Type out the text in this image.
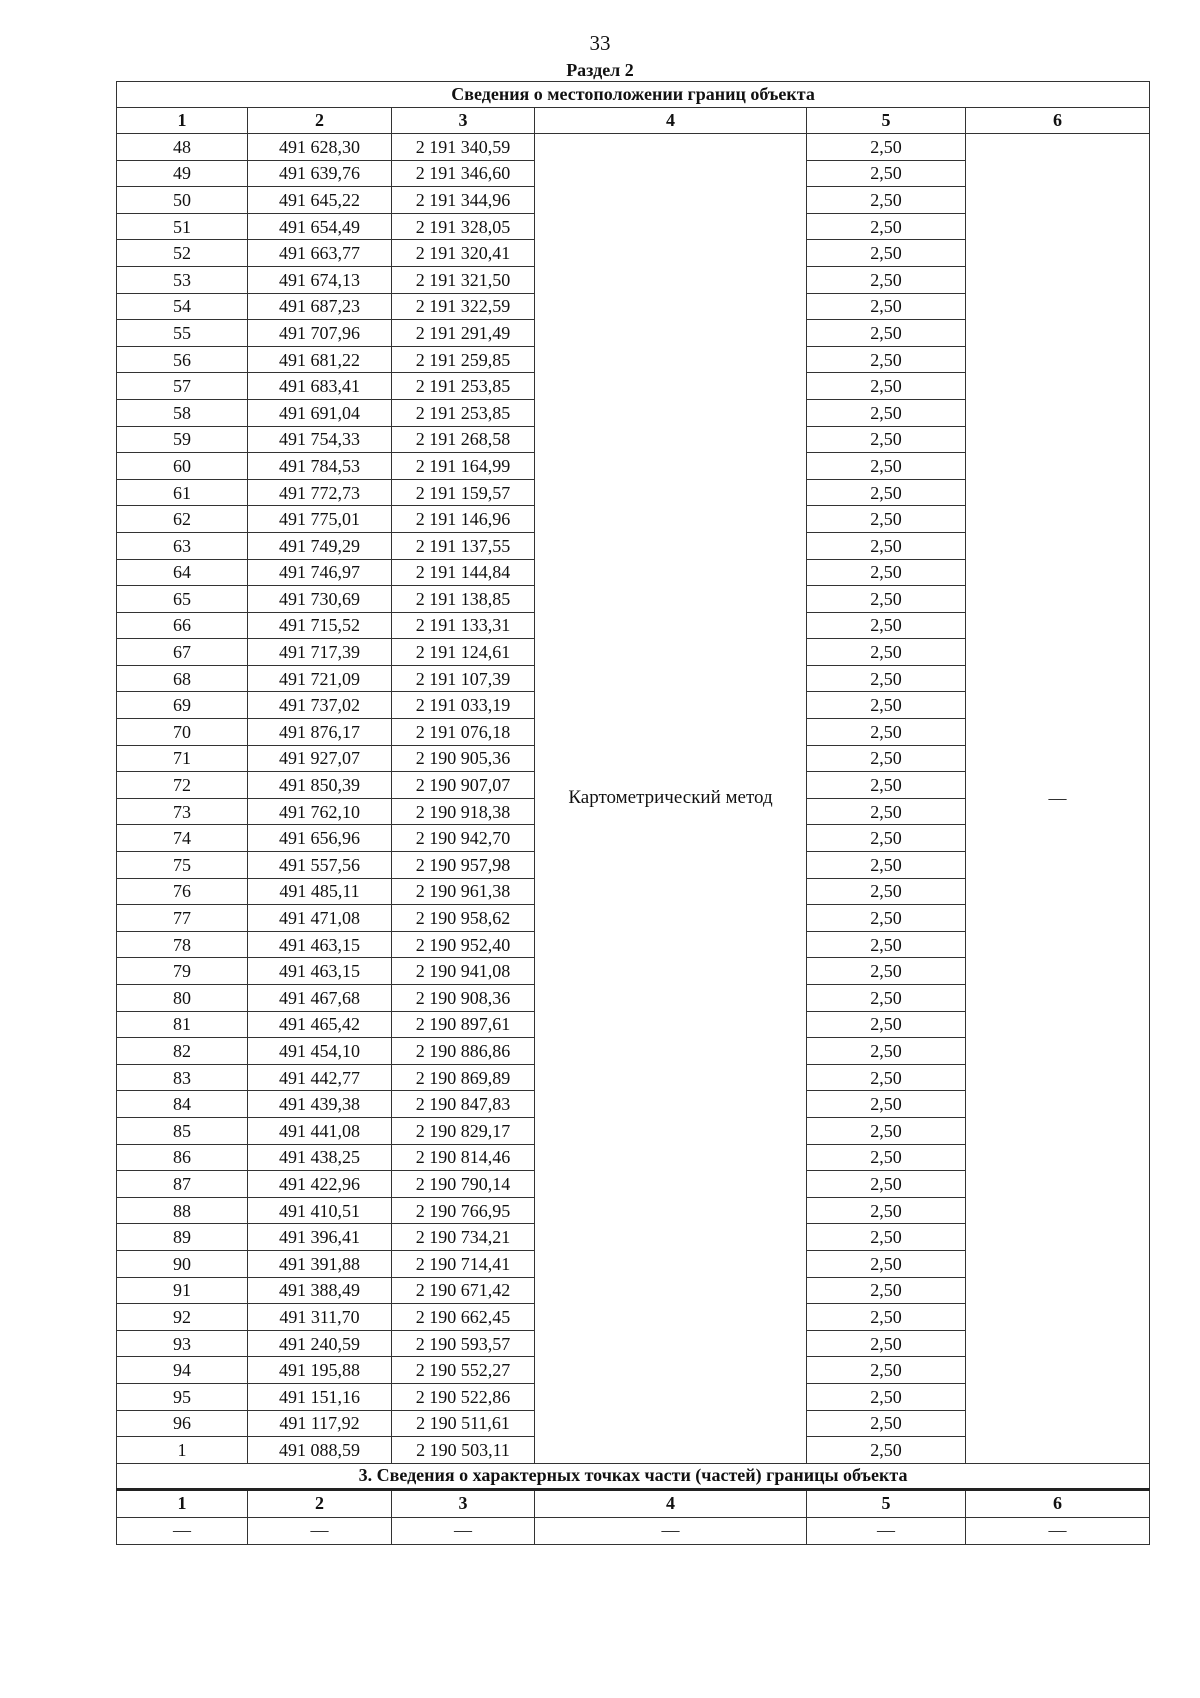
33
Раздел 2
Сведения о местоположении границ объекта					
1	2	3	4	5	6
48	491 628,30	2 191 340,59	Картометрический метод	2,50	—
49	491 639,76	2 191 346,60		2,50	
50	491 645,22	2 191 344,96		2,50	
51	491 654,49	2 191 328,05		2,50	
52	491 663,77	2 191 320,41		2,50	
53	491 674,13	2 191 321,50		2,50	
54	491 687,23	2 191 322,59		2,50	
55	491 707,96	2 191 291,49		2,50	
56	491 681,22	2 191 259,85		2,50	
57	491 683,41	2 191 253,85		2,50	
58	491 691,04	2 191 253,85		2,50	
59	491 754,33	2 191 268,58		2,50	
60	491 784,53	2 191 164,99		2,50	
61	491 772,73	2 191 159,57		2,50	
62	491 775,01	2 191 146,96		2,50	
63	491 749,29	2 191 137,55		2,50	
64	491 746,97	2 191 144,84		2,50	
65	491 730,69	2 191 138,85		2,50	
66	491 715,52	2 191 133,31		2,50	
67	491 717,39	2 191 124,61		2,50	
68	491 721,09	2 191 107,39		2,50	
69	491 737,02	2 191 033,19		2,50	
70	491 876,17	2 191 076,18		2,50	
71	491 927,07	2 190 905,36		2,50	
72	491 850,39	2 190 907,07		2,50	
73	491 762,10	2 190 918,38		2,50	
74	491 656,96	2 190 942,70		2,50	
75	491 557,56	2 190 957,98		2,50	
76	491 485,11	2 190 961,38		2,50	
77	491 471,08	2 190 958,62		2,50	
78	491 463,15	2 190 952,40		2,50	
79	491 463,15	2 190 941,08		2,50	
80	491 467,68	2 190 908,36		2,50	
81	491 465,42	2 190 897,61		2,50	
82	491 454,10	2 190 886,86		2,50	
83	491 442,77	2 190 869,89		2,50	
84	491 439,38	2 190 847,83		2,50	
85	491 441,08	2 190 829,17		2,50	
86	491 438,25	2 190 814,46		2,50	
87	491 422,96	2 190 790,14		2,50	
88	491 410,51	2 190 766,95		2,50	
89	491 396,41	2 190 734,21		2,50	
90	491 391,88	2 190 714,41		2,50	
91	491 388,49	2 190 671,42		2,50	
92	491 311,70	2 190 662,45		2,50	
93	491 240,59	2 190 593,57		2,50	
94	491 195,88	2 190 552,27		2,50	
95	491 151,16	2 190 522,86		2,50	
96	491 117,92	2 190 511,61		2,50	
1	491 088,59	2 190 503,11		2,50	
3. Сведения о характерных точках части (частей) границы объекта					
1	2	3	4	5	6
—	—	—	—	—	—
